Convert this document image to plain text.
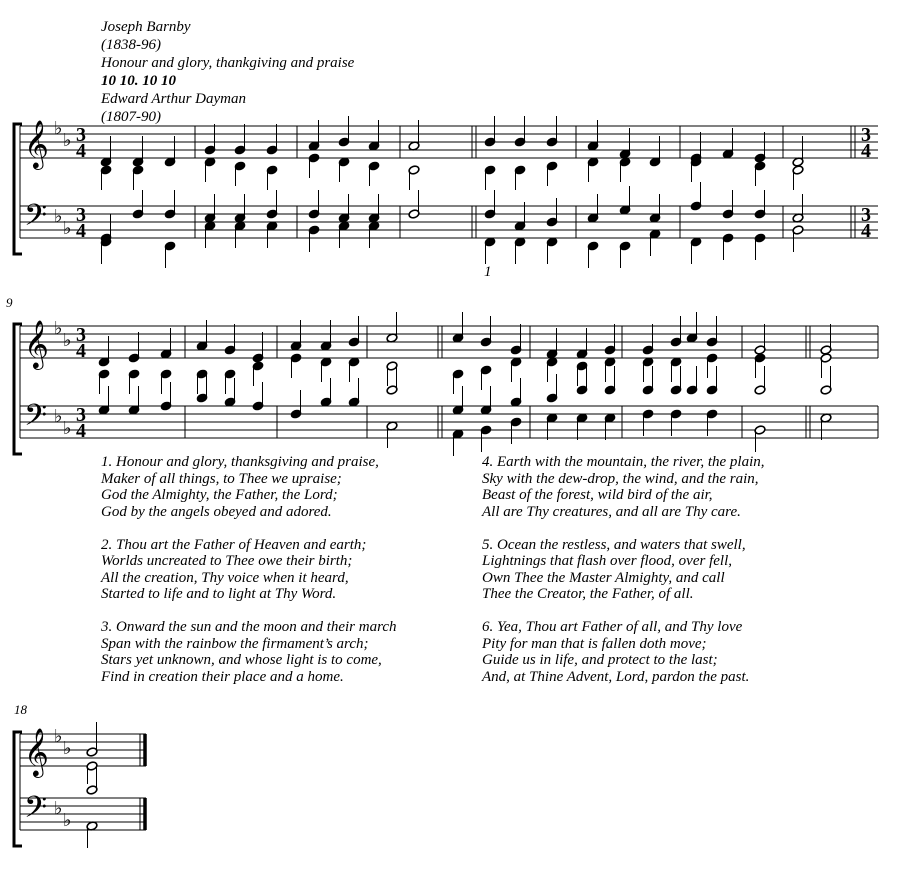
Joseph Barnby
(1838-96)
Honour and glory, thankgiving and praise
10 10. 10 10
Edward Arthur Dayman
(1807-90)
𝄞
𝄢
♭
♭
♭
♭
3
4
3
4
3
4
3
4
1
𝄞
𝄢
♭
♭
♭
♭
3
4
3
4
9
𝄞
𝄢
♭
♭
♭
♭
18
1. Honour and glory, thanksgiving and praise,
Maker of all things, to Thee we upraise;
God the Almighty, the Father, the Lord;
God by the angels obeyed and adored.
2. Thou art the Father of Heaven and earth;
Worlds uncreated to Thee owe their birth;
All the creation, Thy voice when it heard,
Started to life and to light at Thy Word.
3. Onward the sun and the moon and their march
Span with the rainbow the firmament’s arch;
Stars yet unknown, and whose light is to come,
Find in creation their place and a home.
4. Earth with the mountain, the river, the plain,
Sky with the dew-drop, the wind, and the rain,
Beast of the forest, wild bird of the air,
All are Thy creatures, and all are Thy care.
5. Ocean the restless, and waters that swell,
Lightnings that flash over flood, over fell,
Own Thee the Master Almighty, and call
Thee the Creator, the Father, of all.
6. Yea, Thou art Father of all, and Thy love
Pity for man that is fallen doth move;
Guide us in life, and protect to the last;
And, at Thine Advent, Lord, pardon the past.
